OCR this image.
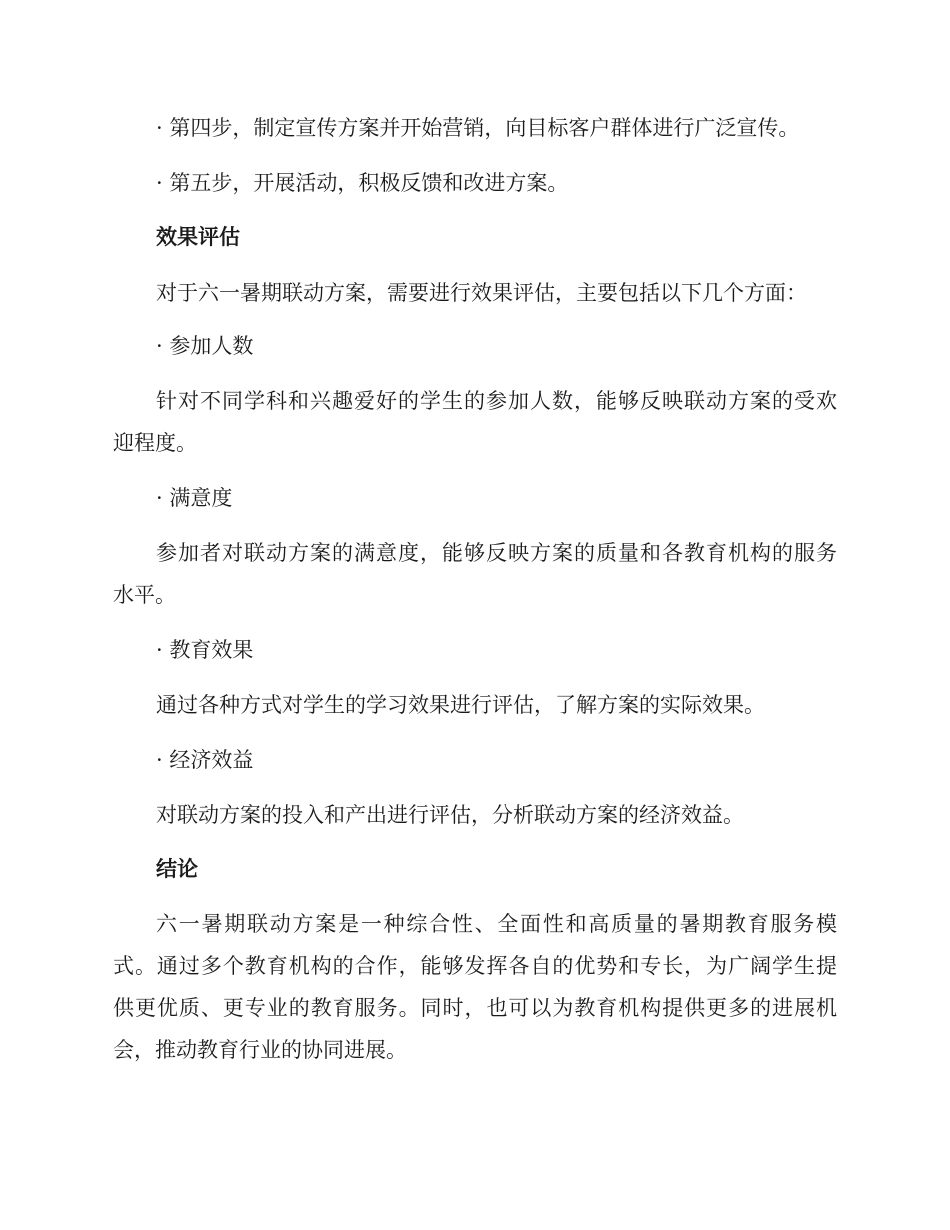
· 第四步，制定宣传方案并开始营销，向目标客户群体进行广泛宣传。
· 第五步，开展活动，积极反馈和改进方案。
效果评估
对于六一暑期联动方案，需要进行效果评估，主要包括以下几个方面：
· 参加人数
针对不同学科和兴趣爱好的学生的参加人数，能够反映联动方案的受欢
迎程度。
· 满意度
参加者对联动方案的满意度，能够反映方案的质量和各教育机构的服务
水平。
· 教育效果
通过各种方式对学生的学习效果进行评估，了解方案的实际效果。
· 经济效益
对联动方案的投入和产出进行评估，分析联动方案的经济效益。
结论
六一暑期联动方案是一种综合性、全面性和高质量的暑期教育服务模
式。通过多个教育机构的合作，能够发挥各自的优势和专长，为广阔学生提
供更优质、更专业的教育服务。同时，也可以为教育机构提供更多的进展机
会，推动教育行业的协同进展。
